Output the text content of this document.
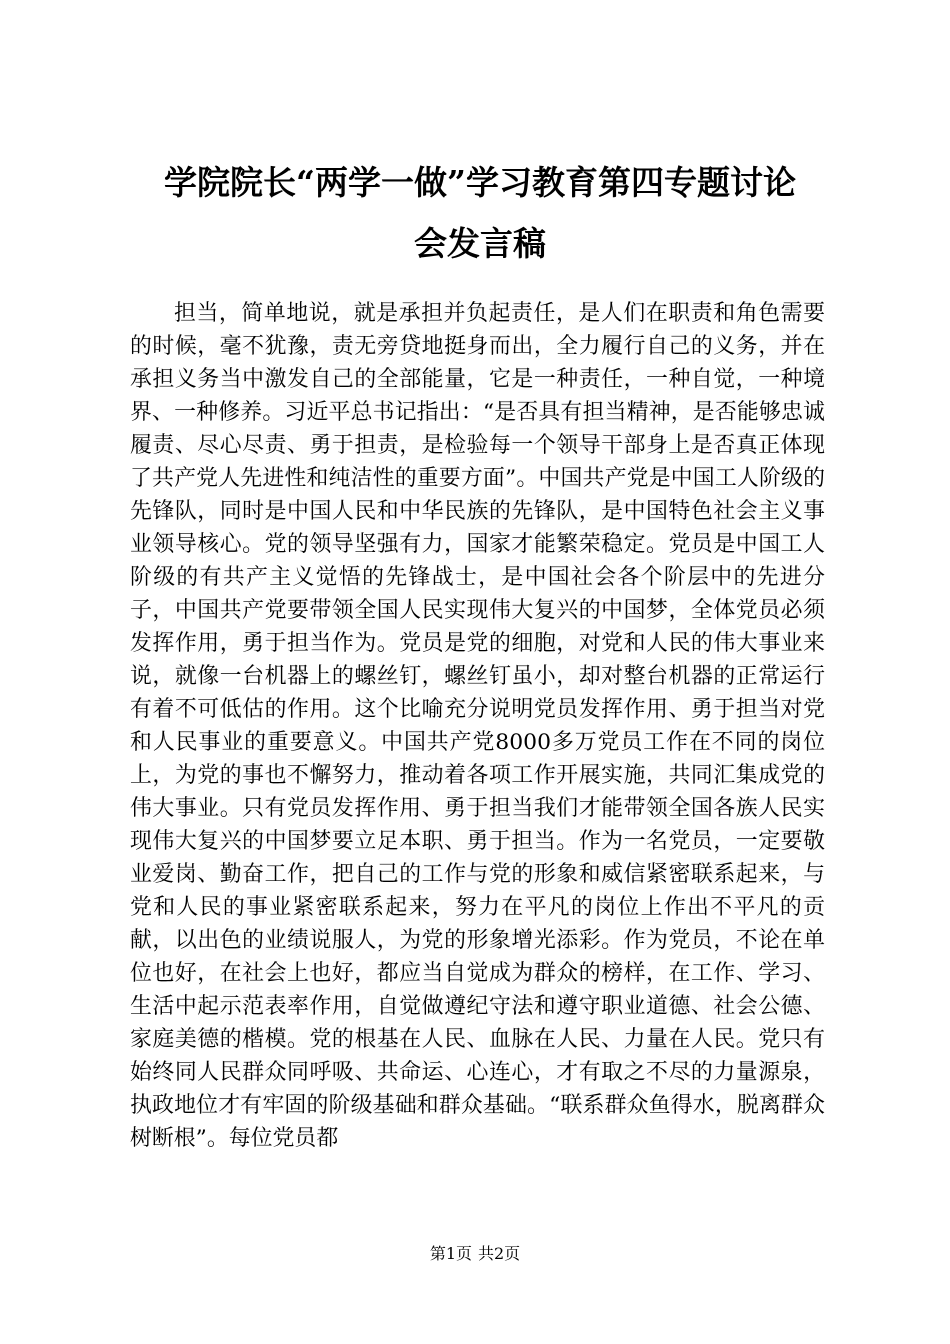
学院院长“两学一做”学习教育第四专题讨论
会发言稿

担当，简单地说，就是承担并负起责任，是人们在职责和角色需要的时候，毫不犹豫，责无旁贷地挺身而出，全力履行自己的义务，并在承担义务当中激发自己的全部能量，它是一种责任，一种自觉，一种境界、一种修养。习近平总书记指出：“是否具有担当精神，是否能够忠诚履责、尽心尽责、勇于担责，是检验每一个领导干部身上是否真正体现了共产党人先进性和纯洁性的重要方面”。中国共产党是中国工人阶级的先锋队，同时是中国人民和中华民族的先锋队，是中国特色社会主义事业领导核心。党的领导坚强有力，国家才能繁荣稳定。党员是中国工人阶级的有共产主义觉悟的先锋战士，是中国社会各个阶层中的先进分子，中国共产党要带领全国人民实现伟大复兴的中国梦，全体党员必须发挥作用，勇于担当作为。党员是党的细胞，对党和人民的伟大事业来说，就像一台机器上的螺丝钉，螺丝钉虽小，却对整台机器的正常运行有着不可低估的作用。这个比喻充分说明党员发挥作用、勇于担当对党和人民事业的重要意义。中国共产党8000多万党员工作在不同的岗位上，为党的事也不懈努力，推动着各项工作开展实施，共同汇集成党的伟大事业。只有党员发挥作用、勇于担当我们才能带领全国各族人民实现伟大复兴的中国梦要立足本职、勇于担当。作为一名党员，一定要敬业爱岗、勤奋工作，把自己的工作与党的形象和威信紧密联系起来，与党和人民的事业紧密联系起来，努力在平凡的岗位上作出不平凡的贡献，以出色的业绩说服人，为党的形象增光添彩。作为党员，不论在单位也好，在社会上也好，都应当自觉成为群众的榜样，在工作、学习、生活中起示范表率作用，自觉做遵纪守法和遵守职业道德、社会公德、家庭美德的楷模。党的根基在人民、血脉在人民、力量在人民。党只有始终同人民群众同呼吸、共命运、心连心，才有取之不尽的力量源泉，执政地位才有牢固的阶级基础和群众基础。“联系群众鱼得水，脱离群众树断根”。每位党员都

第1页 共2页
